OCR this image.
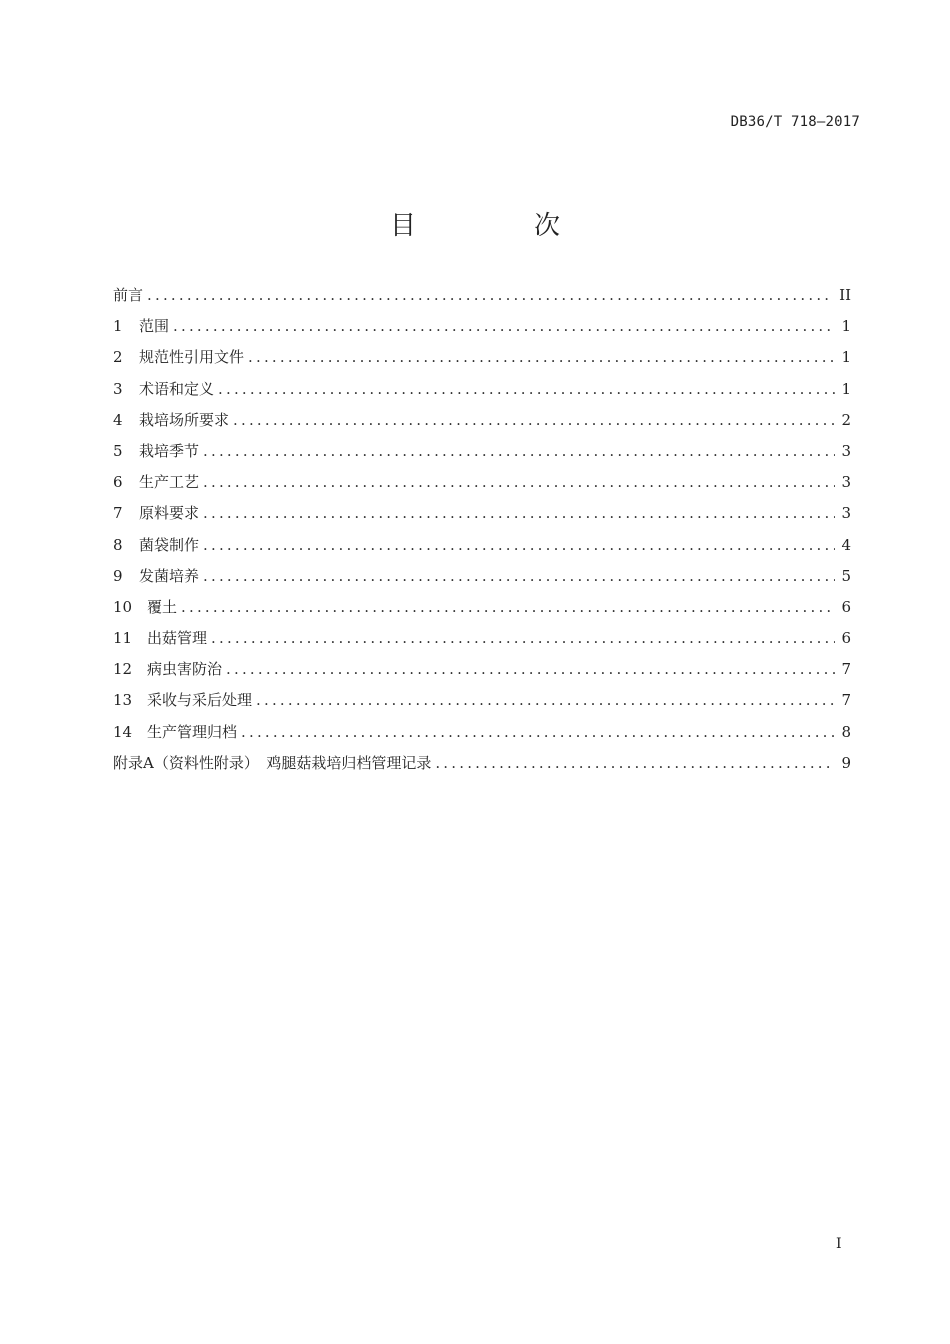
DB36/T 718—2017
目　次
前言 .....	II
1	范围 .....	1
2	规范性引用文件 .....	1
3	术语和定义 .....	1
4	栽培场所要求 .....	2
5	栽培季节 .....	3
6	生产工艺 .....	3
7	原料要求 .....	3
8	菌袋制作 .....	4
9	发菌培养 .....	5
10 覆土 .....	6
11 出菇管理 .....	6
12 病虫害防治 .....	7
13 采收与采后处理 .....	7
14 生产管理归档 .....	8
附录A（资料性附录）　鸡腿菇栽培归档管理记录 .....	9
I
